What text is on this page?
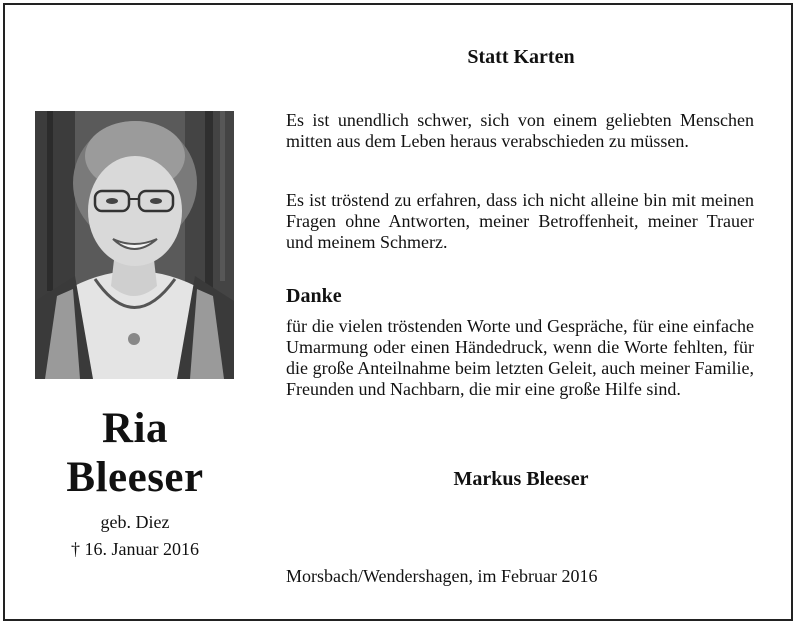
Ria
Bleeser
geb. Diez
† 16. Januar 2016
Statt Karten

Es ist unendlich schwer, sich von einem geliebten Menschen mitten aus dem Leben heraus verabschieden zu müssen.

Es ist tröstend zu erfahren, dass ich nicht alleine bin mit meinen Fragen ohne Antworten, meiner Betroffenheit, meiner Trauer und meinem Schmerz.

Danke

für die vielen tröstenden Worte und Gespräche, für eine einfache Umarmung oder einen Händedruck, wenn die Worte fehlten, für die große Anteilnahme beim letzten Geleit, auch meiner Familie, Freunden und Nachbarn, die mir eine große Hilfe sind.

Markus Bleeser
Morsbach/Wendershagen, im Februar 2016
